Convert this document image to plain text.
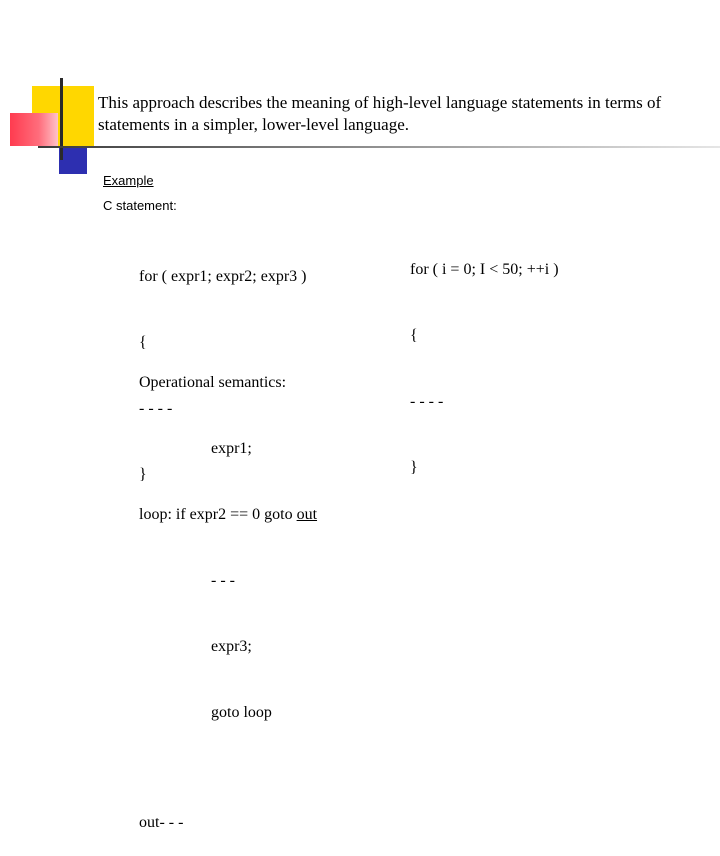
This approach describes the meaning of high-level language statements in terms of
statements in a simpler, lower-level language.
Example
C statement:

for ( expr1; expr2; expr3 )

{

- - - -

}

for ( i = 0; I < 50; ++i )

{

- - - -

}

Operational semantics:

expr1;

loop: if expr2 == 0 goto out

- - -

expr3;

goto loop

out- - -
